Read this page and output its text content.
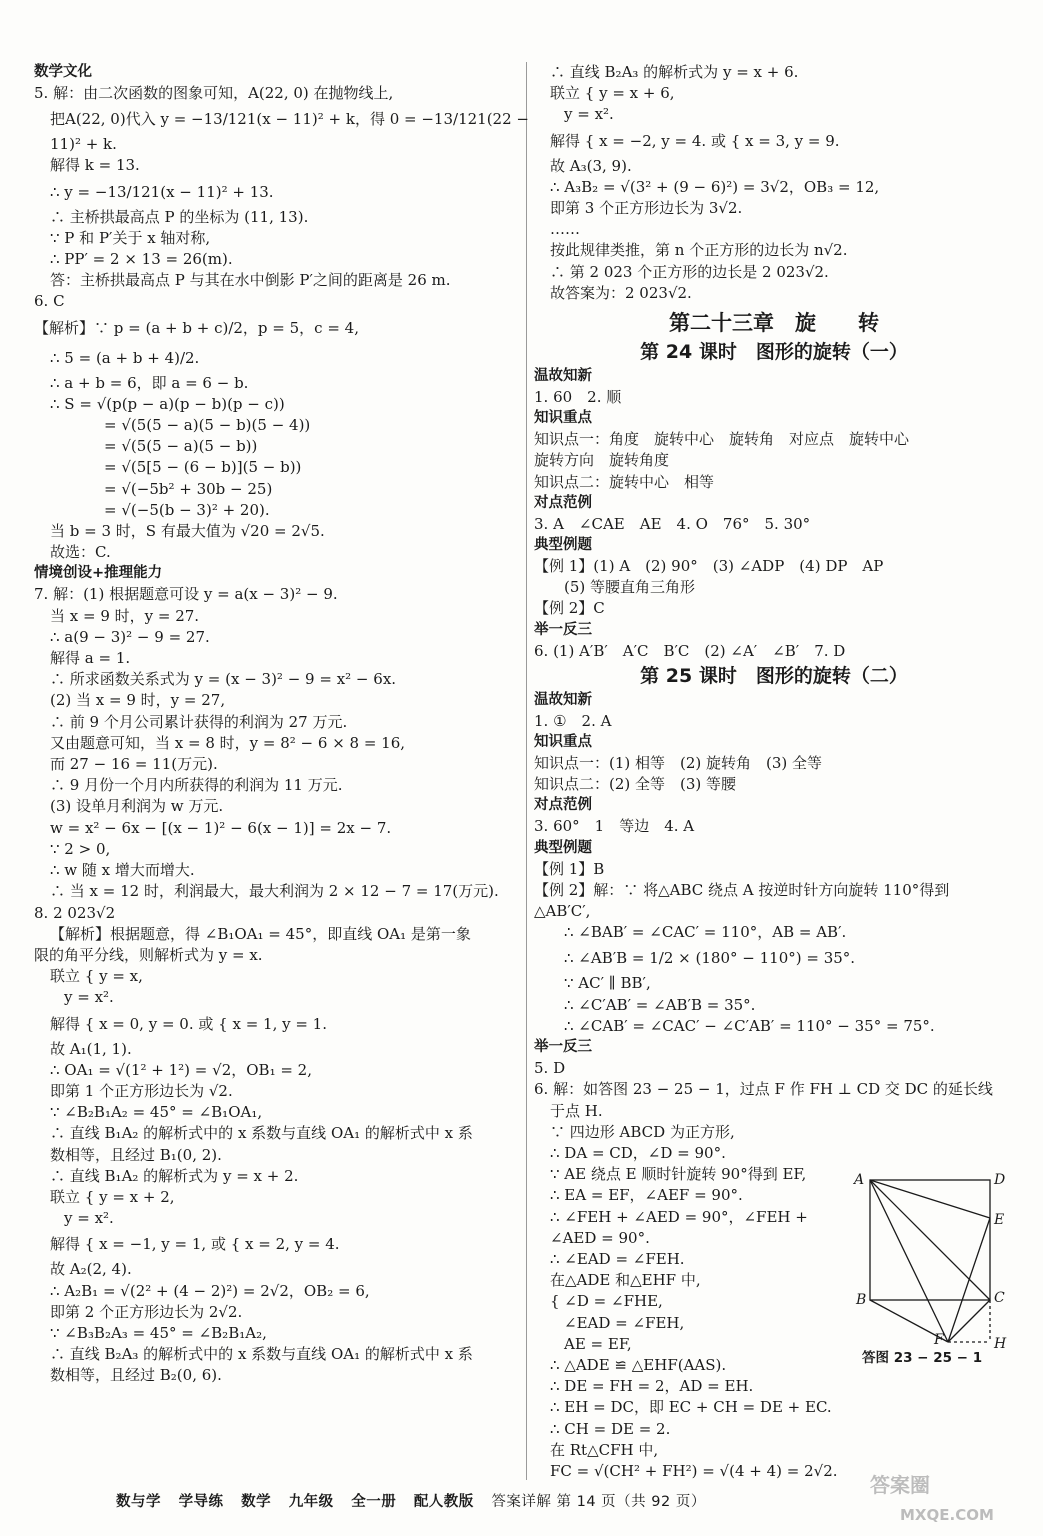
数学文化
5. 解：由二次函数的图象可知，A(22, 0) 在抛物线上,
把A(22, 0)代入 y = −13/121(x − 11)² + k，得 0 = −13/121(22 −
11)² + k.
解得 k = 13.
∴ y = −13/121(x − 11)² + 13.
∴ 主桥拱最高点 P 的坐标为 (11, 13).
∵ P 和 P′关于 x 轴对称,
∴ PP′ = 2 × 13 = 26(m).
答：主桥拱最高点 P 与其在水中倒影 P′之间的距离是 26 m.
6. C
【解析】∵ p = (a + b + c)/2，p = 5，c = 4,
∴ 5 = (a + b + 4)/2.
∴ a + b = 6，即 a = 6 − b.
∴ S = √(p(p − a)(p − b)(p − c))
= √(5(5 − a)(5 − b)(5 − 4))
= √(5(5 − a)(5 − b))
= √(5[5 − (6 − b)](5 − b))
= √(−5b² + 30b − 25)
= √(−5(b − 3)² + 20).
当 b = 3 时，S 有最大值为 √20 = 2√5.
故选：C.
情境创设+推理能力
7. 解：(1) 根据题意可设 y = a(x − 3)² − 9.
当 x = 9 时，y = 27.
∴ a(9 − 3)² − 9 = 27.
解得 a = 1.
∴ 所求函数关系式为 y = (x − 3)² − 9 = x² − 6x.
(2) 当 x = 9 时，y = 27,
∴ 前 9 个月公司累计获得的利润为 27 万元.
又由题意可知，当 x = 8 时，y = 8² − 6 × 8 = 16,
而 27 − 16 = 11(万元).
∴ 9 月份一个月内所获得的利润为 11 万元.
(3) 设单月利润为 w 万元.
w = x² − 6x − [(x − 1)² − 6(x − 1)] = 2x − 7.
∵ 2 > 0,
∴ w 随 x 增大而增大.
∴ 当 x = 12 时，利润最大，最大利润为 2 × 12 − 7 = 17(万元).
8. 2 023√2
【解析】根据题意，得 ∠B₁OA₁ = 45°，即直线 OA₁ 是第一象
限的角平分线，则解析式为 y = x.
联立 { y = x,
y = x².
解得 { x = 0, y = 0. 或 { x = 1, y = 1.
故 A₁(1, 1).
∴ OA₁ = √(1² + 1²) = √2，OB₁ = 2,
即第 1 个正方形边长为 √2.
∵ ∠B₂B₁A₂ = 45° = ∠B₁OA₁,
∴ 直线 B₁A₂ 的解析式中的 x 系数与直线 OA₁ 的解析式中 x 系
数相等，且经过 B₁(0, 2).
∴ 直线 B₁A₂ 的解析式为 y = x + 2.
联立 { y = x + 2,
y = x².
解得 { x = −1, y = 1, 或 { x = 2, y = 4.
故 A₂(2, 4).
∴ A₂B₁ = √(2² + (4 − 2)²) = 2√2，OB₂ = 6,
即第 2 个正方形边长为 2√2.
∵ ∠B₃B₂A₃ = 45° = ∠B₂B₁A₂,
∴ 直线 B₂A₃ 的解析式中的 x 系数与直线 OA₁ 的解析式中 x 系
数相等，且经过 B₂(0, 6).
∴ 直线 B₂A₃ 的解析式为 y = x + 6.
联立 { y = x + 6,
y = x².
解得 { x = −2, y = 4. 或 { x = 3, y = 9.
故 A₃(3, 9).
∴ A₃B₂ = √(3² + (9 − 6)²) = 3√2，OB₃ = 12,
即第 3 个正方形边长为 3√2.
……
按此规律类推，第 n 个正方形的边长为 n√2.
∴ 第 2 023 个正方形的边长是 2 023√2.
故答案为：2 023√2.
第二十三章　旋　　转
第 24 课时　图形的旋转（一）
温故知新
1. 60　2. 顺
知识重点
知识点一：角度　旋转中心　旋转角　对应点　旋转中心
旋转方向　旋转角度
知识点二：旋转中心　相等
对点范例
3. A　∠CAE　AE　4. O　76°　5. 30°
典型例题
【例 1】(1) A　(2) 90°　(3) ∠ADP　(4) DP　AP
(5) 等腰直角三角形
【例 2】C
举一反三
6. (1) A′B′　A′C　B′C　(2) ∠A′　∠B′　7. D
第 25 课时　图形的旋转（二）
温故知新
1. ①　2. A
知识重点
知识点一：(1) 相等　(2) 旋转角　(3) 全等
知识点二：(2) 全等　(3) 等腰
对点范例
3. 60°　1　等边　4. A
典型例题
【例 1】B
【例 2】解：∵ 将△ABC 绕点 A 按逆时针方向旋转 110°得到
△AB′C′,
∴ ∠BAB′ = ∠CAC′ = 110°，AB = AB′.
∴ ∠AB′B = 1/2 × (180° − 110°) = 35°.
∵ AC′ ∥ BB′,
∴ ∠C′AB′ = ∠AB′B = 35°.
∴ ∠CAB′ = ∠CAC′ − ∠C′AB′ = 110° − 35° = 75°.
举一反三
5. D
6. 解：如答图 23 − 25 − 1，过点 F 作 FH ⊥ CD 交 DC 的延长线
于点 H.
∵ 四边形 ABCD 为正方形,
∴ DA = CD，∠D = 90°.
∵ AE 绕点 E 顺时针旋转 90°得到 EF,
∴ EA = EF，∠AEF = 90°.
∴ ∠FEH + ∠AED = 90°，∠FEH +
∠AED = 90°.
∴ ∠EAD = ∠FEH.
在△ADE 和△EHF 中,
{ ∠D = ∠FHE,
∠EAD = ∠FEH,
AE = EF,
∴ △ADE ≌ △EHF(AAS).
∴ DE = FH = 2，AD = EH.
∴ EH = DC，即 EC + CH = DE + EC.
∴ CH = DE = 2.
在 Rt△CFH 中,
FC = √(CH² + FH²) = √(4 + 4) = 2√2.
A	D
E
B	C
F	H
答图 23 − 25 − 1
数与学 学导练 数学 九年级 全一册 配人教版 答案详解 第 14 页（共 92 页）
答案圈
MXQE.COM
